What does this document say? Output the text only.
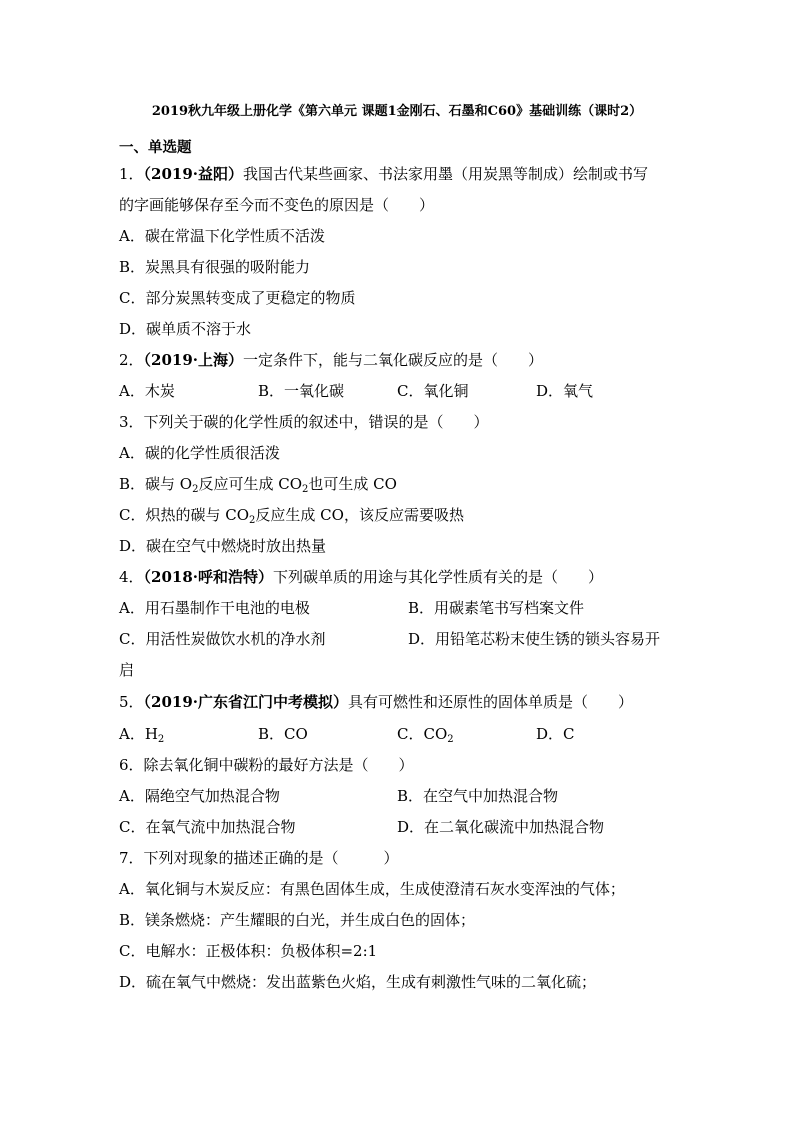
2019秋九年级上册化学《第六单元 课题1金刚石、石墨和C60》基础训练（课时2）
一、单选题
1．（2019·益阳）我国古代某些画家、书法家用墨（用炭黑等制成）绘制或书写
的字画能够保存至今而不变色的原因是（　　）
A．碳在常温下化学性质不活泼
B．炭黑具有很强的吸附能力
C．部分炭黑转变成了更稳定的物质
D．碳单质不溶于水
2．（2019·上海）一定条件下，能与二氧化碳反应的是（　　）
A．木炭	B．一氧化碳	C．氧化铜	D．氧气
3．下列关于碳的化学性质的叙述中，错误的是（　　）
A．碳的化学性质很活泼
B．碳与 $O_2$反应可生成 $CO_2$也可生成 CO
C．炽热的碳与 $CO_2$反应生成 CO，该反应需要吸热
D．碳在空气中燃烧时放出热量
4．（2018·呼和浩特）下列碳单质的用途与其化学性质有关的是（　　）
A．用石墨制作干电池的电极	B．用碳素笔书写档案文件
C．用活性炭做饮水机的净水剂	D．用铅笔芯粉末使生锈的锁头容易开
启
5．（2019·广东省江门中考模拟）具有可燃性和还原性的固体单质是（　　）
A．$H_2$	B．CO	C．$CO_2$	D．C
6．除去氧化铜中碳粉的最好方法是（　　）
A．隔绝空气加热混合物	B．在空气中加热混合物
C．在氧气流中加热混合物	D．在二氧化碳流中加热混合物
7．下列对现象的描述正确的是（　　　）
A．氧化铜与木炭反应：有黑色固体生成，生成使澄清石灰水变浑浊的气体；
B．镁条燃烧：产生耀眼的白光，并生成白色的固体；
C．电解水：正极体积：负极体积=2:1
D．硫在氧气中燃烧：发出蓝紫色火焰，生成有刺激性气味的二氧化硫；
